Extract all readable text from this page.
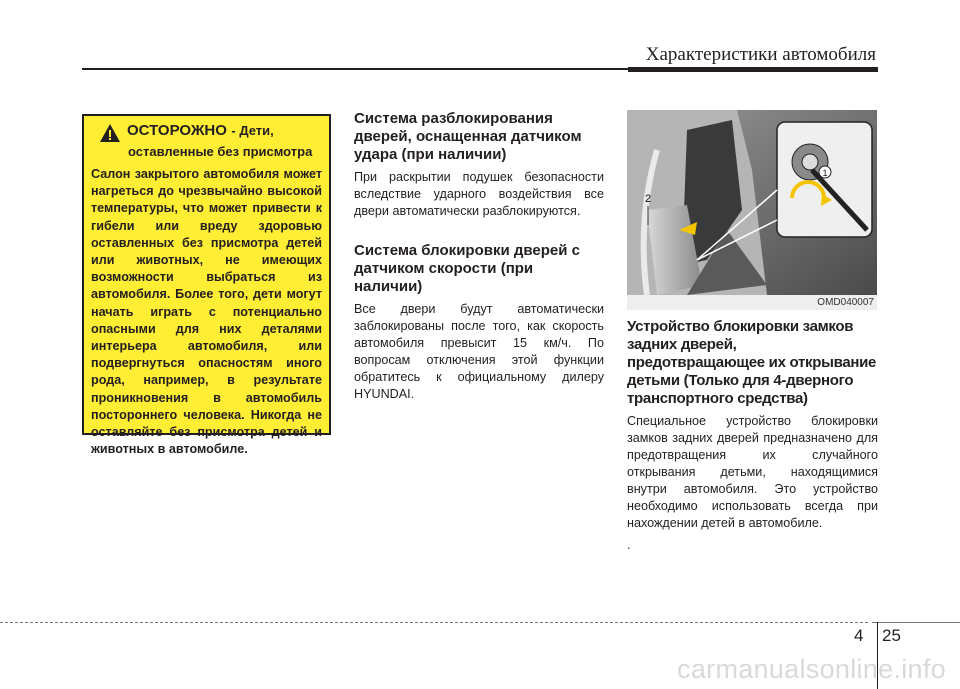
Характеристики автомобиля
ОСТОРОЖНО - Дети,
оставленные без присмотра
Салон закрытого автомобиля может нагреться до чрезвычайно высокой температуры, что может привести к гибели или вреду здоровью оставленных без присмотра детей или животных, не имеющих возможности выбраться из автомобиля. Более того, дети могут начать играть с потенциально опасными для них деталями интерьера автомобиля, или подвергнуться опасностям иного рода, например, в результате проникновения в автомобиль постороннего человека. Никогда не оставляйте без присмотра детей и животных в автомобиле.
Система разблокирования дверей, оснащенная датчиком удара (при наличии)

При раскрытии подушек безопасности вследствие ударного воздействия все двери автоматически разблокируются.

Система блокировки дверей с датчиком скорости (при наличии)

Все двери будут автоматически заблокированы после того, как скорость автомобиля превысит 15 км/ч. По вопросам отключения этой функции обратитесь к официальному дилеру HYUNDAI.

1
2
OMD040007
Устройство блокировки замков задних дверей, предотвращающее их открывание детьми (Только для 4-дверного транспортного средства)

Специальное устройство блокировки замков задних дверей предназначено для предотвращения их случайного открывания детьми, находящимися внутри автомобиля. Это устройство необходимо использовать всегда при нахождении детей в автомобиле.

.

4 25
carmanualsonline.info
